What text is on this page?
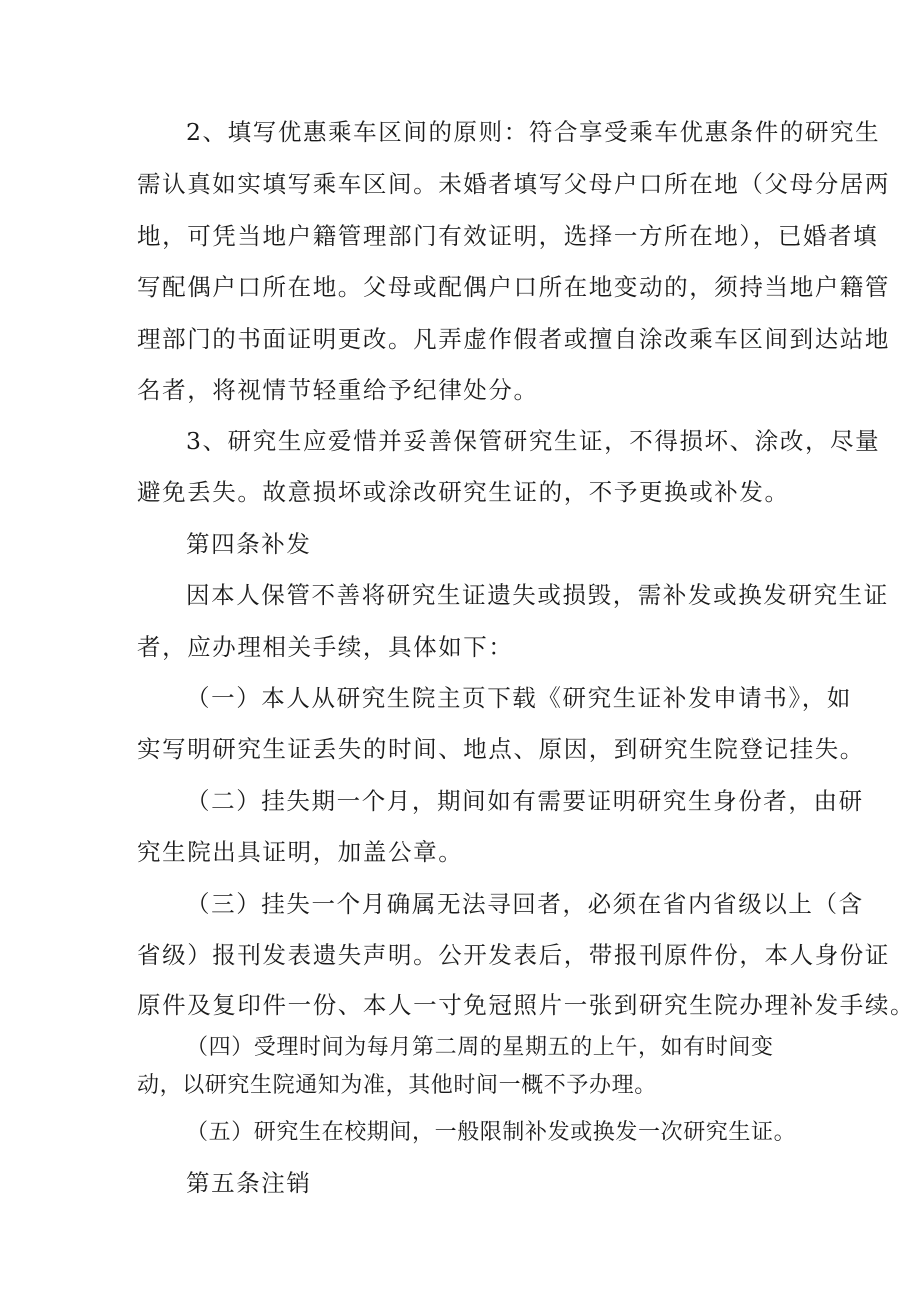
2、填写优惠乘车区间的原则：符合享受乘车优惠条件的研究生

需认真如实填写乘车区间。未婚者填写父母户口所在地（父母分居两

地，可凭当地户籍管理部门有效证明，选择一方所在地），已婚者填

写配偶户口所在地。父母或配偶户口所在地变动的，须持当地户籍管

理部门的书面证明更改。凡弄虚作假者或擅自涂改乘车区间到达站地

名者，将视情节轻重给予纪律处分。

3、研究生应爱惜并妥善保管研究生证，不得损坏、涂改，尽量

避免丢失。故意损坏或涂改研究生证的，不予更换或补发。

第四条补发

因本人保管不善将研究生证遗失或损毁，需补发或换发研究生证

者，应办理相关手续，具体如下：

（一）本人从研究生院主页下载《研究生证补发申请书》，如

实写明研究生证丢失的时间、地点、原因，到研究生院登记挂失。

（二）挂失期一个月，期间如有需要证明研究生身份者，由研

究生院出具证明，加盖公章。

（三）挂失一个月确属无法寻回者，必须在省内省级以上（含

省级）报刊发表遗失声明。公开发表后，带报刊原件份，本人身份证

原件及复印件一份、本人一寸免冠照片一张到研究生院办理补发手续。

（四）受理时间为每月第二周的星期五的上午，如有时间变

动，以研究生院通知为准，其他时间一概不予办理。

（五）研究生在校期间，一般限制补发或换发一次研究生证。

第五条注销
